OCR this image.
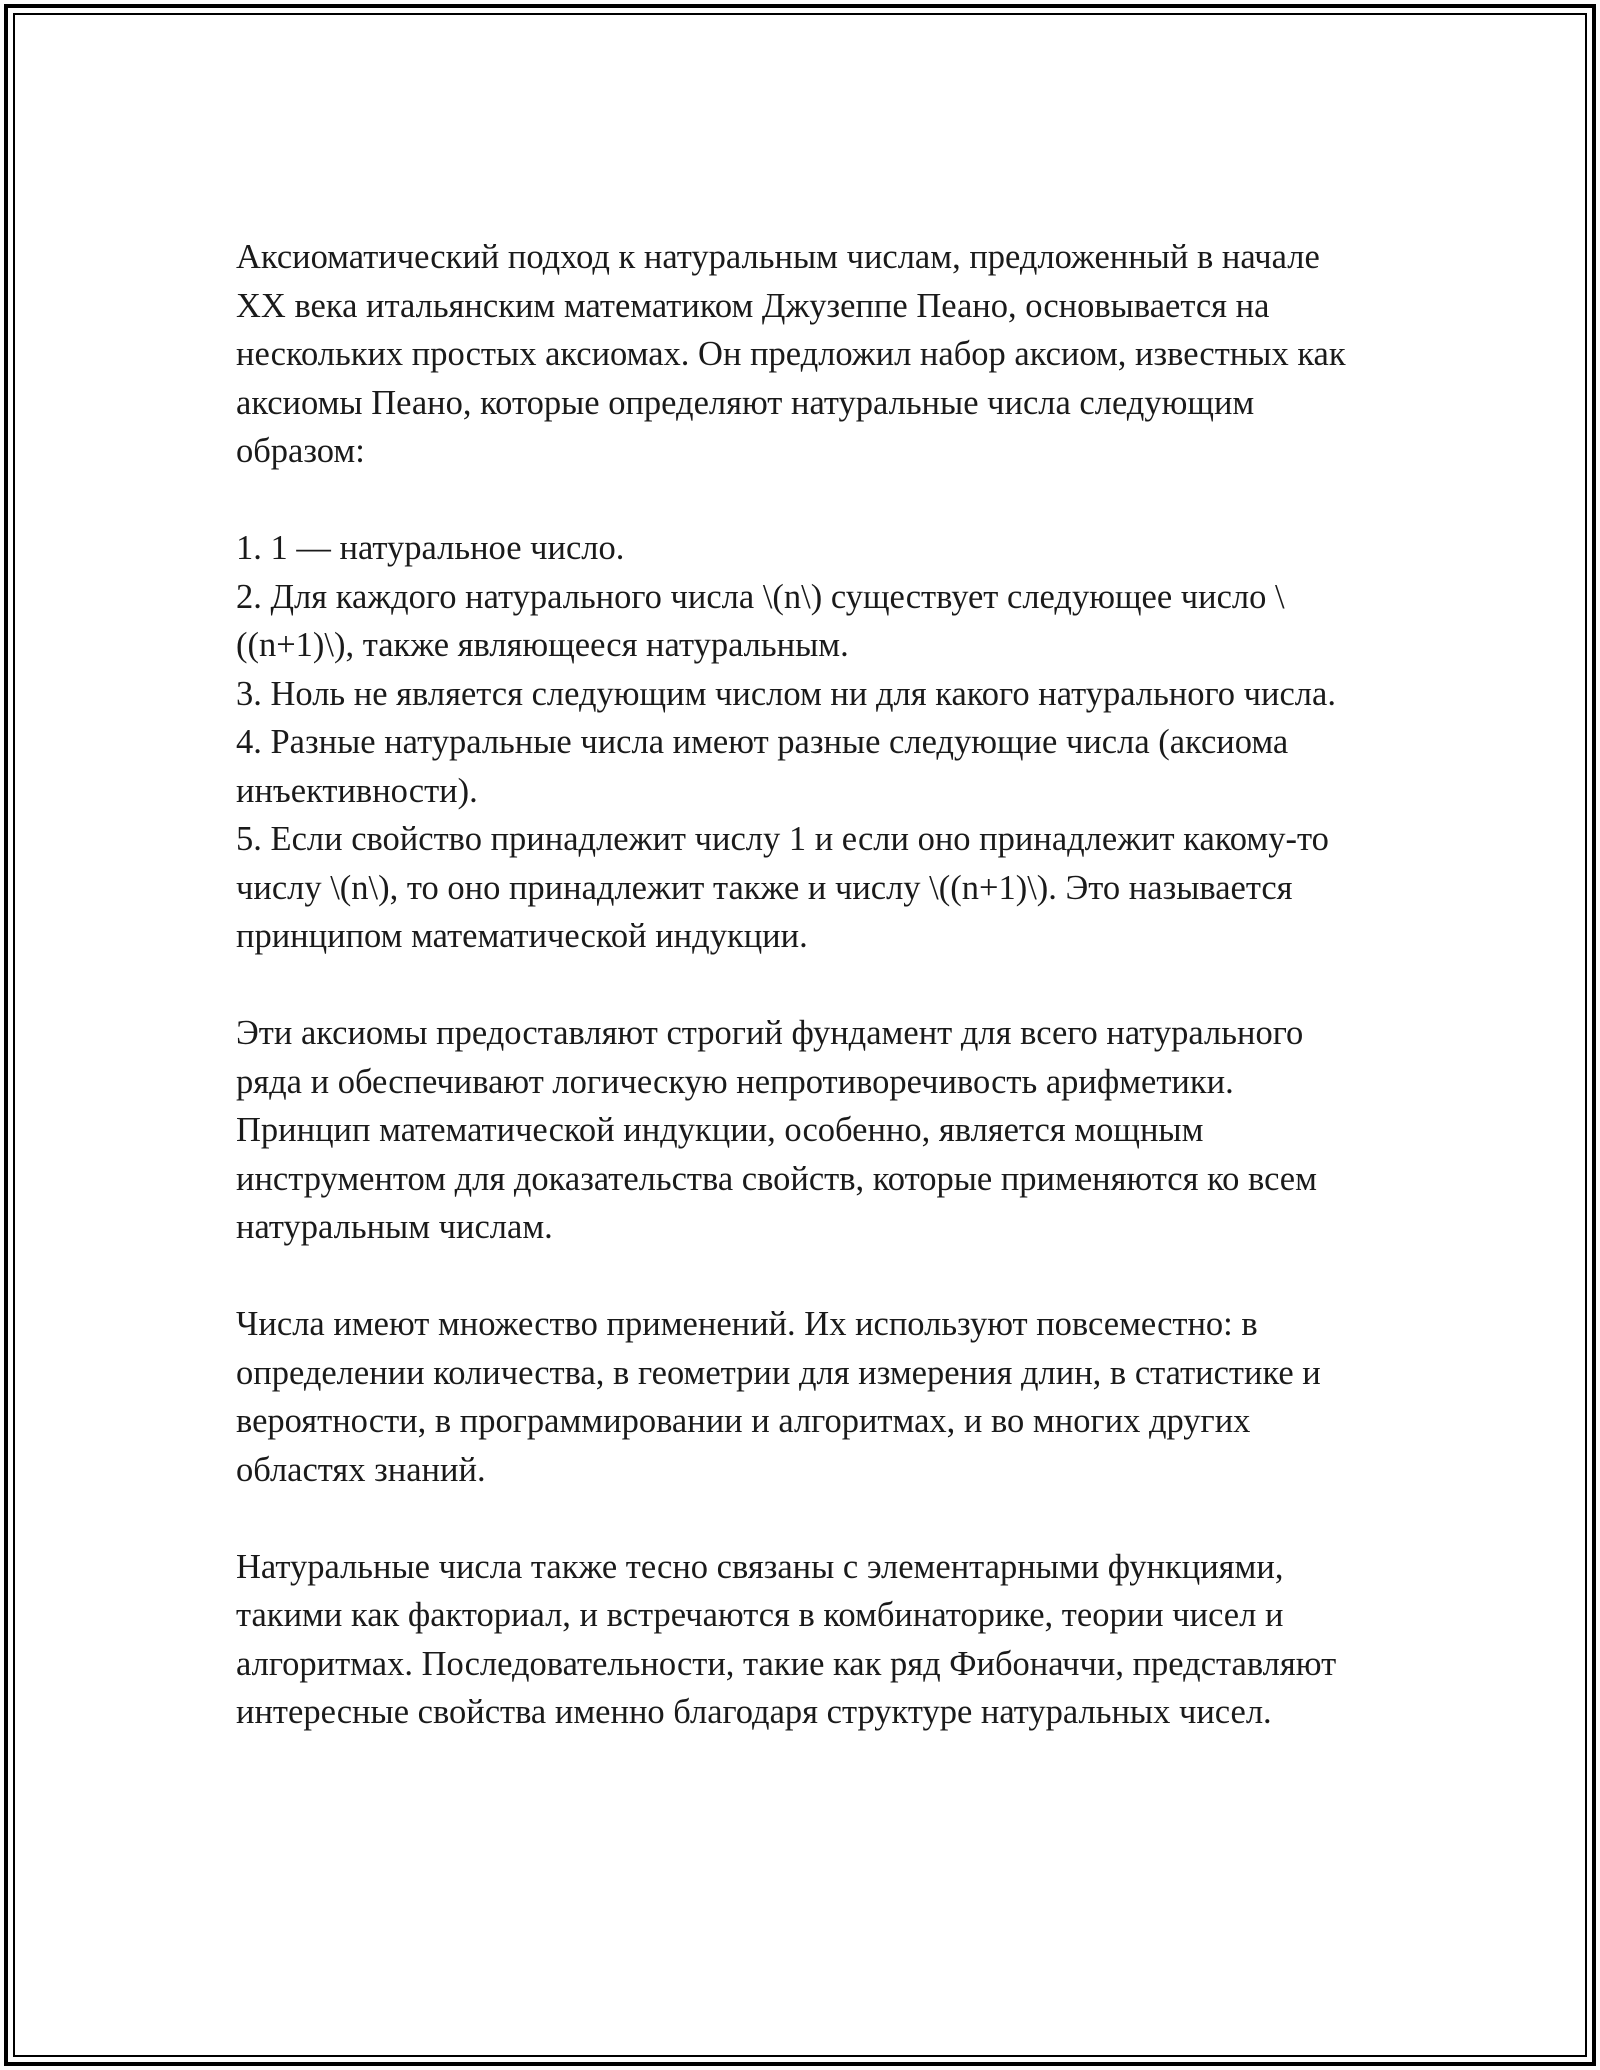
Аксиоматический подход к натуральным числам, предложенный в начале XX века итальянским математиком Джузеппе Пеано, основывается на нескольких простых аксиомах. Он предложил набор аксиом, известных как аксиомы Пеано, которые определяют натуральные числа следующим образом:

1. 1 — натуральное число.
2. Для каждого натурального числа \(n\) существует следующее число \((n+1)\), также являющееся натуральным.
3. Ноль не является следующим числом ни для какого натурального числа.
4. Разные натуральные числа имеют разные следующие числа (аксиома инъективности).
5. Если свойство принадлежит числу 1 и если оно принадлежит какому-то числу \(n\), то оно принадлежит также и числу \((n+1)\). Это называется принципом математической индукции.

Эти аксиомы предоставляют строгий фундамент для всего натурального ряда и обеспечивают логическую непротиворечивость арифметики. Принцип математической индукции, особенно, является мощным инструментом для доказательства свойств, которые применяются ко всем натуральным числам.

Числа имеют множество применений. Их используют повсеместно: в определении количества, в геометрии для измерения длин, в статистике и вероятности, в программировании и алгоритмах, и во многих других областях знаний.

Натуральные числа также тесно связаны с элементарными функциями, такими как факториал, и встречаются в комбинаторике, теории чисел и алгоритмах. Последовательности, такие как ряд Фибоначчи, представляют интересные свойства именно благодаря структуре натуральных чисел.
